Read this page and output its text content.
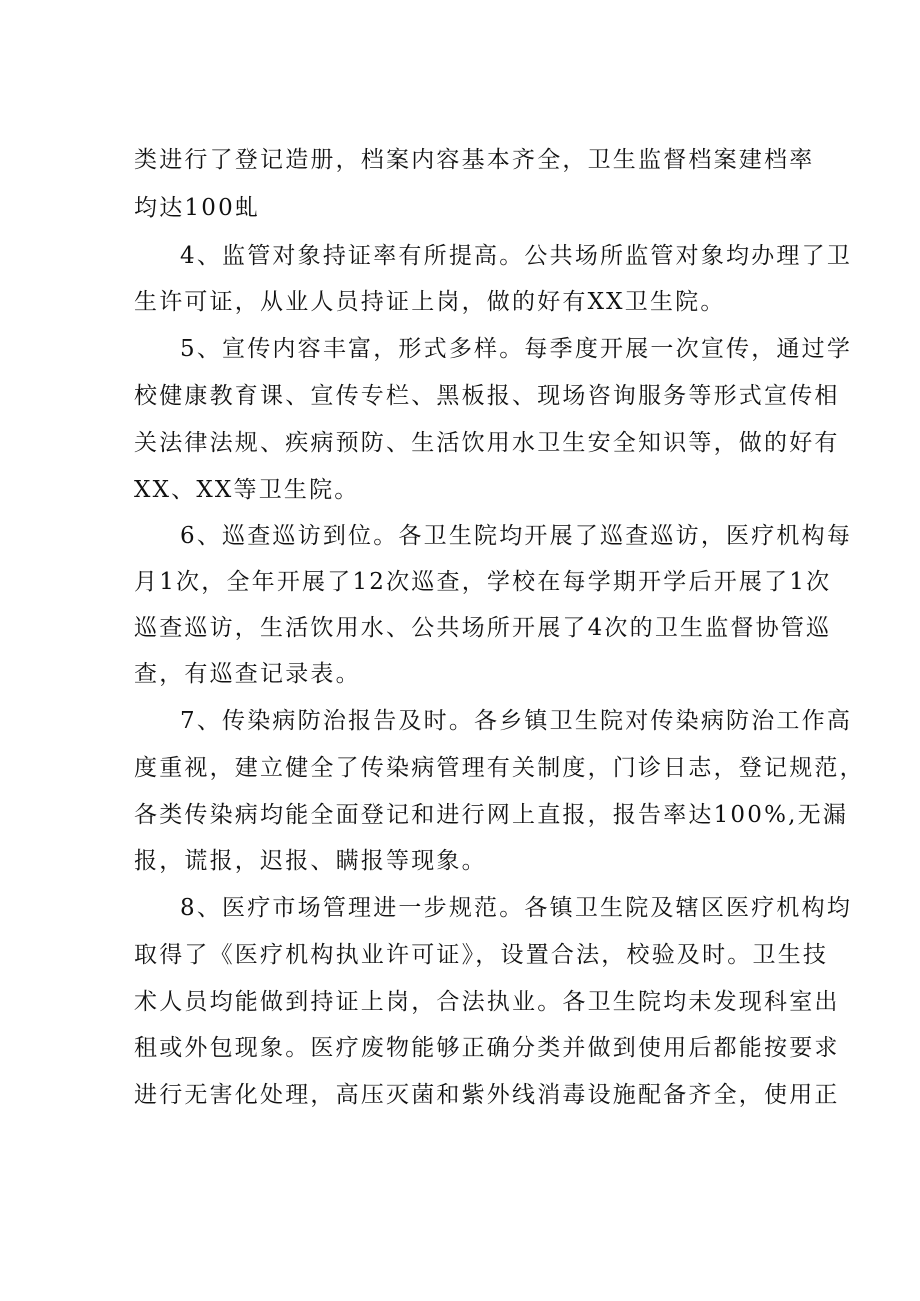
类进行了登记造册，档案内容基本齐全，卫生监督档案建档率
均达100虬
4、监管对象持证率有所提高。公共场所监管对象均办理了卫
生许可证，从业人员持证上岗，做的好有XX卫生院。
5、宣传内容丰富，形式多样。每季度开展一次宣传，通过学
校健康教育课、宣传专栏、黑板报、现场咨询服务等形式宣传相
关法律法规、疾病预防、生活饮用水卫生安全知识等，做的好有
XX、XX等卫生院。
6、巡查巡访到位。各卫生院均开展了巡查巡访，医疗机构每
月1次，全年开展了12次巡查，学校在每学期开学后开展了1次
巡查巡访，生活饮用水、公共场所开展了4次的卫生监督协管巡
查，有巡查记录表。
7、传染病防治报告及时。各乡镇卫生院对传染病防治工作高
度重视，建立健全了传染病管理有关制度，门诊日志，登记规范，
各类传染病均能全面登记和进行网上直报，报告率达100%,无漏
报，谎报，迟报、瞒报等现象。
8、医疗市场管理进一步规范。各镇卫生院及辖区医疗机构均
取得了《医疗机构执业许可证》，设置合法，校验及时。卫生技
术人员均能做到持证上岗，合法执业。各卫生院均未发现科室出
租或外包现象。医疗废物能够正确分类并做到使用后都能按要求
进行无害化处理，高压灭菌和紫外线消毒设施配备齐全，使用正
